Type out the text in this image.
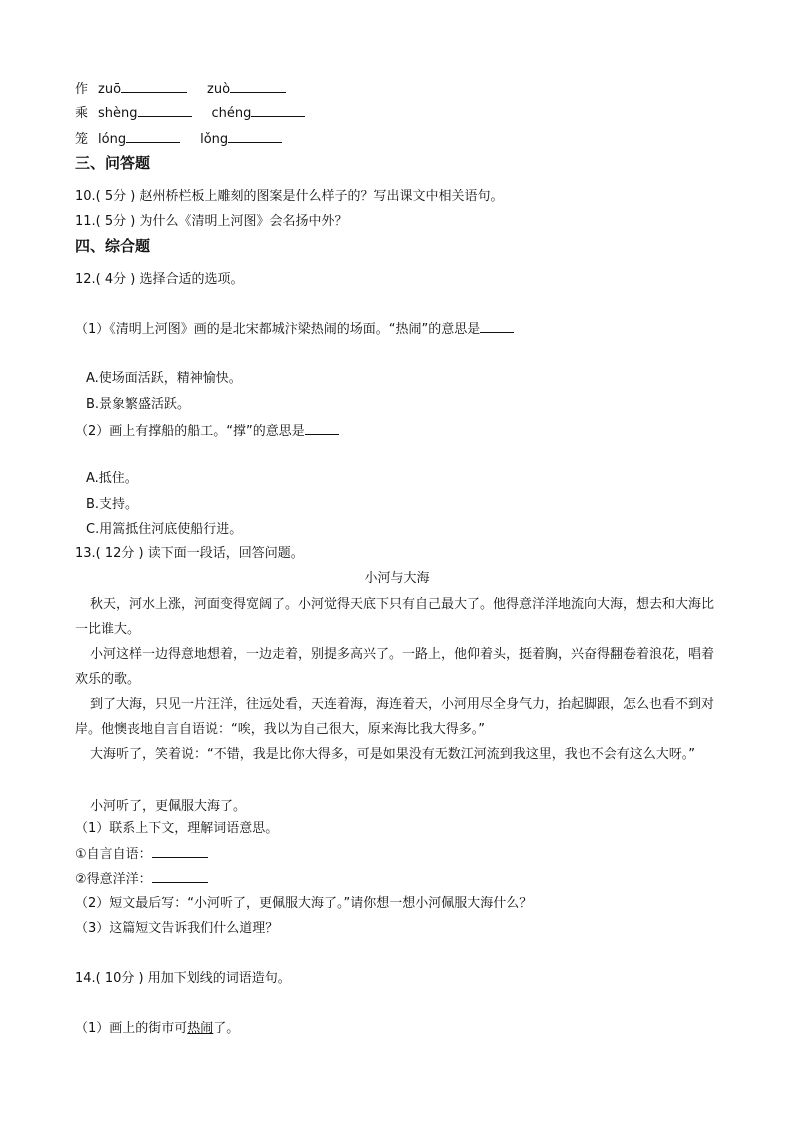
作 zuō	zuò
乘 shèng	chéng
笼 lóng	lǒng
三、问答题
10.( 5分 ) 赵州桥栏板上雕刻的图案是什么样子的？写出课文中相关语句。
11.( 5分 ) 为什么《清明上河图》会名扬中外？
四、综合题
12.( 4分 ) 选择合适的选项。
（1）《清明上河图》画的是北宋都城汴梁热闹的场面。“热闹”的意思是
A.使场面活跃，精神愉快。
B.景象繁盛活跃。
（2）画上有撑船的船工。“撑”的意思是
A.抵住。
B.支持。
C.用篙抵住河底使船行进。
13.( 12分 ) 读下面一段话，回答问题。
小河与大海
秋天，河水上涨，河面变得宽阔了。小河觉得天底下只有自己最大了。他得意洋洋地流向大海，想去和大海比一比谁大。
小河这样一边得意地想着，一边走着，别提多高兴了。一路上，他仰着头，挺着胸，兴奋得翻卷着浪花，唱着欢乐的歌。
到了大海，只见一片汪洋，往远处看，天连着海，海连着天，小河用尽全身气力，抬起脚跟，怎么也看不到对岸。他懊丧地自言自语说：“唉，我以为自己很大，原来海比我大得多。”
大海听了，笑着说：“不错，我是比你大得多，可是如果没有无数江河流到我这里，我也不会有这么大呀。”
小河听了，更佩服大海了。
（1）联系上下文，理解词语意思。
①自言自语：
②得意洋洋：
（2）短文最后写：“小河听了，更佩服大海了。”请你想一想小河佩服大海什么？
（3）这篇短文告诉我们什么道理？
14.( 10分 ) 用加下划线的词语造句。
（1）画上的街市可热闹了。
